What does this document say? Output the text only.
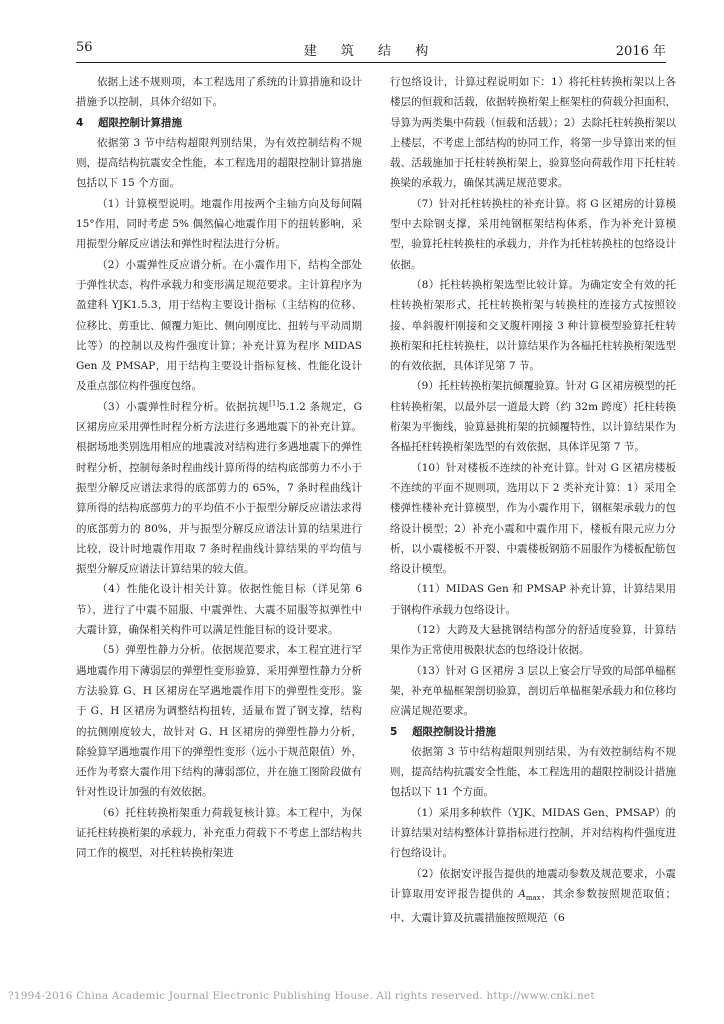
56	建 筑 结 构	2016 年

依据上述不规则项，本工程选用了系统的计算措施和设计措施予以控制，具体介绍如下。

4 超限控制计算措施

依据第 3 节中结构超限判别结果，为有效控制结构不规则，提高结构抗震安全性能，本工程选用的超限控制计算措施包括以下 15 个方面。

（1）计算模型说明。地震作用按两个主轴方向及每间隔 15°作用，同时考虑 5% 偶然偏心地震作用下的扭转影响，采用振型分解反应谱法和弹性时程法进行分析。

（2）小震弹性反应谱分析。在小震作用下，结构全部处于弹性状态，构件承载力和变形满足规范要求。主计算程序为盈建科 YJK1.5.3，用于结构主要设计指标（主结构的位移、位移比、剪重比、倾覆力矩比、侧向刚度比、扭转与平动周期比等）的控制以及构件强度计算；补充计算为程序 MIDAS Gen 及 PMSAP，用于结构主要设计指标复核、性能化设计及重点部位构件强度包络。

（3）小震弹性时程分析。依据抗规[1]5.1.2 条规定，G 区裙房应采用弹性时程分析方法进行多遇地震下的补充计算。根据场地类别选用相应的地震波对结构进行多遇地震下的弹性时程分析，控制每条时程曲线计算所得的结构底部剪力不小于振型分解反应谱法求得的底部剪力的 65%，7 条时程曲线计算所得的结构底部剪力的平均值不小于振型分解反应谱法求得的底部剪力的 80%，并与振型分解反应谱法计算的结果进行比较，设计时地震作用取 7 条时程曲线计算结果的平均值与振型分解反应谱法计算结果的较大值。

（4）性能化设计相关计算。依据性能目标（详见第 6 节），进行了中震不屈服、中震弹性、大震不屈服等拟弹性中大震计算，确保相关构件可以满足性能目标的设计要求。

（5）弹塑性静力分析。依据规范要求，本工程宜进行罕遇地震作用下薄弱层的弹塑性变形验算，采用弹塑性静力分析方法验算 G、H 区裙房在罕遇地震作用下的弹塑性变形。鉴于 G、H 区裙房为调整结构扭转，适量布置了钢支撑，结构的抗侧刚度较大，故针对 G、H 区裙房的弹塑性静力分析，除验算罕遇地震作用下的弹塑性变形（远小于规范限值）外，还作为考察大震作用下结构的薄弱部位，并在施工图阶段做有针对性设计加强的有效依据。

（6）托柱转换桁架重力荷载复核计算。本工程中，为保证托柱转换桁架的承载力，补充重力荷载下不考虑上部结构共同工作的模型，对托柱转换桁架进

行包络设计，计算过程说明如下：1）将托柱转换桁架以上各楼层的恒载和活载，依据转换桁架上框架柱的荷载分担面积，导算为两类集中荷载（恒载和活载）；2）去除托柱转换桁架以上楼层，不考虑上部结构的协同工作，将第一步导算出来的恒载、活载施加于托柱转换桁架上，验算竖向荷载作用下托柱转换梁的承载力，确保其满足规范要求。

（7）针对托柱转换柱的补充计算。将 G 区裙房的计算模型中去除钢支撑，采用纯钢框架结构体系，作为补充计算模型，验算托柱转换柱的承载力，并作为托柱转换柱的包络设计依据。

（8）托柱转换桁架选型比较计算。为确定安全有效的托柱转换桁架形式，托柱转换桁架与转换柱的连接方式按照铰接、单斜腹杆刚接和交叉腹杆刚接 3 种计算模型验算托柱转换桁架和托柱转换柱，以计算结果作为各榀托柱转换桁架选型的有效依据，具体详见第 7 节。

（9）托柱转换桁架抗倾覆验算。针对 G 区裙房模型的托柱转换桁架，以最外层一道最大跨（约 32m 跨度）托柱转换桁架为平衡线，验算悬挑桁架的抗倾覆特性，以计算结果作为各榀托柱转换桁架选型的有效依据，具体详见第 7 节。

（10）针对楼板不连续的补充计算。针对 G 区裙房楼板不连续的平面不规则项，选用以下 2 类补充计算：1）采用全楼弹性楼补充计算模型，作为小震作用下，钢框架承载力的包络设计模型；2）补充小震和中震作用下，楼板有限元应力分析，以小震楼板不开裂、中震楼板钢筋不屈服作为楼板配筋包络设计模型。

（11）MIDAS Gen 和 PMSAP 补充计算，计算结果用于钢构件承载力包络设计。

（12）大跨及大悬挑钢结构部分的舒适度验算，计算结果作为正常使用极限状态的包络设计依据。

（13）针对 G 区裙房 3 层以上宴会厅导致的局部单榀框架，补充单榀框架剖切验算，剖切后单榀框架承载力和位移均应满足规范要求。

5 超限控制设计措施

依据第 3 节中结构超限判别结果，为有效控制结构不规则，提高结构抗震安全性能，本工程选用的超限控制设计措施包括以下 11 个方面。

（1）采用多种软件（YJK、MIDAS Gen、PMSAP）的计算结果对结构整体计算指标进行控制，并对结构构件强度进行包络设计。

（2）依据安评报告提供的地震动参数及规范要求，小震计算取用安评报告提供的 $A_{max}$，其余参数按照规范取值；中、大震计算及抗震措施按照规范（6

?1994-2016 China Academic Journal Electronic Publishing House. All rights reserved. http://www.cnki.net
